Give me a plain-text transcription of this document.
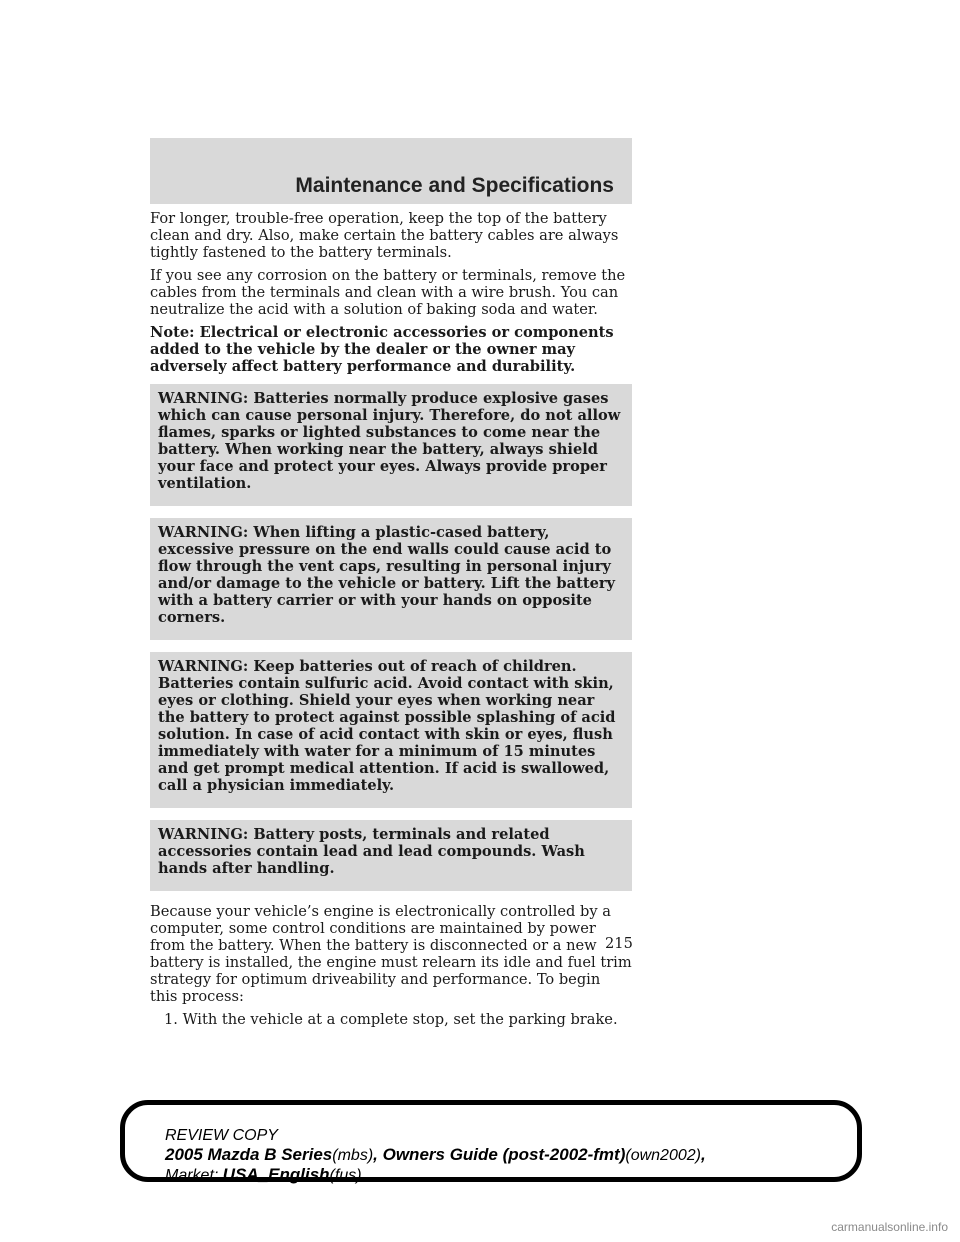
Maintenance and Specifications

For longer, trouble-free operation, keep the top of the battery clean and dry. Also, make certain the battery cables are always tightly fastened to the battery terminals.

If you see any corrosion on the battery or terminals, remove the cables from the terminals and clean with a wire brush. You can neutralize the acid with a solution of baking soda and water.

Note: Electrical or electronic accessories or components added to the vehicle by the dealer or the owner may adversely affect battery performance and durability.

WARNING: Batteries normally produce explosive gases which can cause personal injury. Therefore, do not allow flames, sparks or lighted substances to come near the battery. When working near the battery, always shield your face and protect your eyes. Always provide proper ventilation.
WARNING: When lifting a plastic-cased battery, excessive pressure on the end walls could cause acid to flow through the vent caps, resulting in personal injury and/or damage to the vehicle or battery. Lift the battery with a battery carrier or with your hands on opposite corners.
WARNING: Keep batteries out of reach of children. Batteries contain sulfuric acid. Avoid contact with skin, eyes or clothing. Shield your eyes when working near the battery to protect against possible splashing of acid solution. In case of acid contact with skin or eyes, flush immediately with water for a minimum of 15 minutes and get prompt medical attention. If acid is swallowed, call a physician immediately.
WARNING: Battery posts, terminals and related accessories contain lead and lead compounds. Wash hands after handling.

Because your vehicle’s engine is electronically controlled by a computer, some control conditions are maintained by power from the battery. When the battery is disconnected or a new battery is installed, the engine must relearn its idle and fuel trim strategy for optimum driveability and performance. To begin this process:

1. With the vehicle at a complete stop, set the parking brake.

215
REVIEW COPY
2005 Mazda B Series(mbs), Owners Guide (post-2002-fmt)(own2002),
Market: USA_English(fus)
carmanualsonline.info
